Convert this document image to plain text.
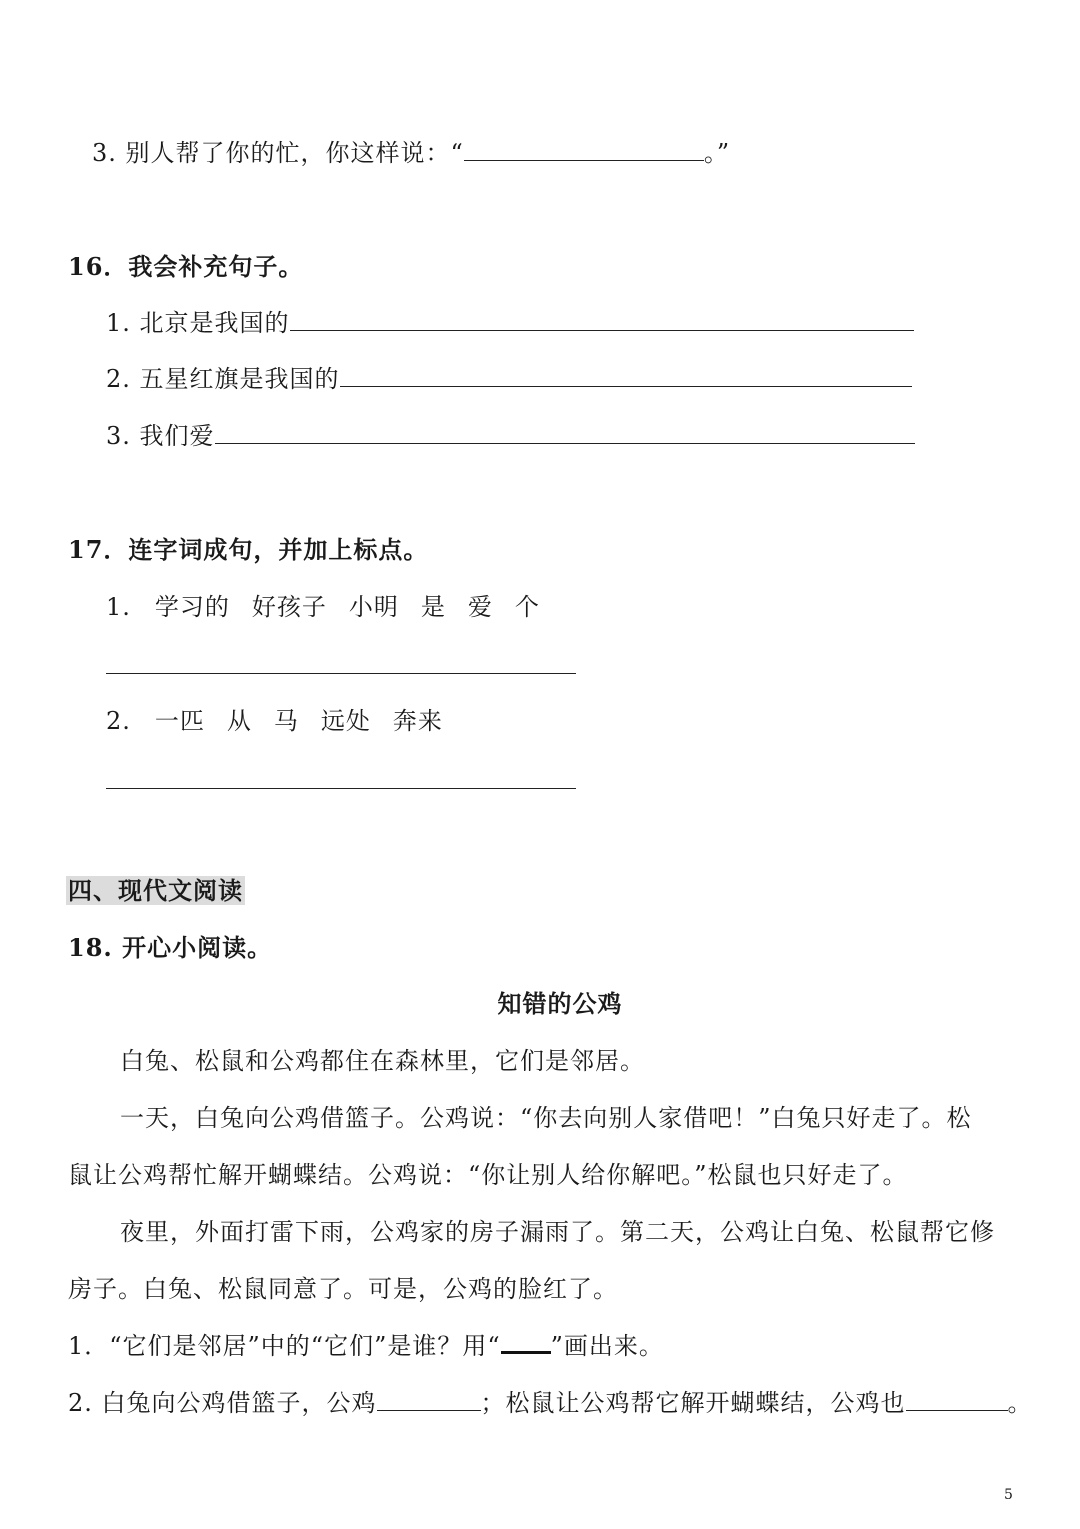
3. 别人帮了你的忙，你这样说：“	。”
16．我会补充句子。
1. 北京是我国的
2. 五星红旗是我国的
3. 我们爱
17．连字词成句，并加上标点。
1. 学习的 好孩子 小明 是 爱 个
2. 一匹 从 马 远处 奔来
四、现代文阅读
18. 开心小阅读。
知错的公鸡
白兔、松鼠和公鸡都住在森林里，它们是邻居。
一天，白兔向公鸡借篮子。公鸡说：“你去向别人家借吧！”白兔只好走了。松
鼠让公鸡帮忙解开蝴蝶结。公鸡说：“你让别人给你解吧。”松鼠也只好走了。
夜里，外面打雷下雨，公鸡家的房子漏雨了。第二天，公鸡让白兔、松鼠帮它修
房子。白兔、松鼠同意了。可是，公鸡的脸红了。
1．“它们是邻居”中的“它们”是谁？用“ ”画出来。
2. 白兔向公鸡借篮子，公鸡	；松鼠让公鸡帮它解开蝴蝶结，公鸡也	。
5
